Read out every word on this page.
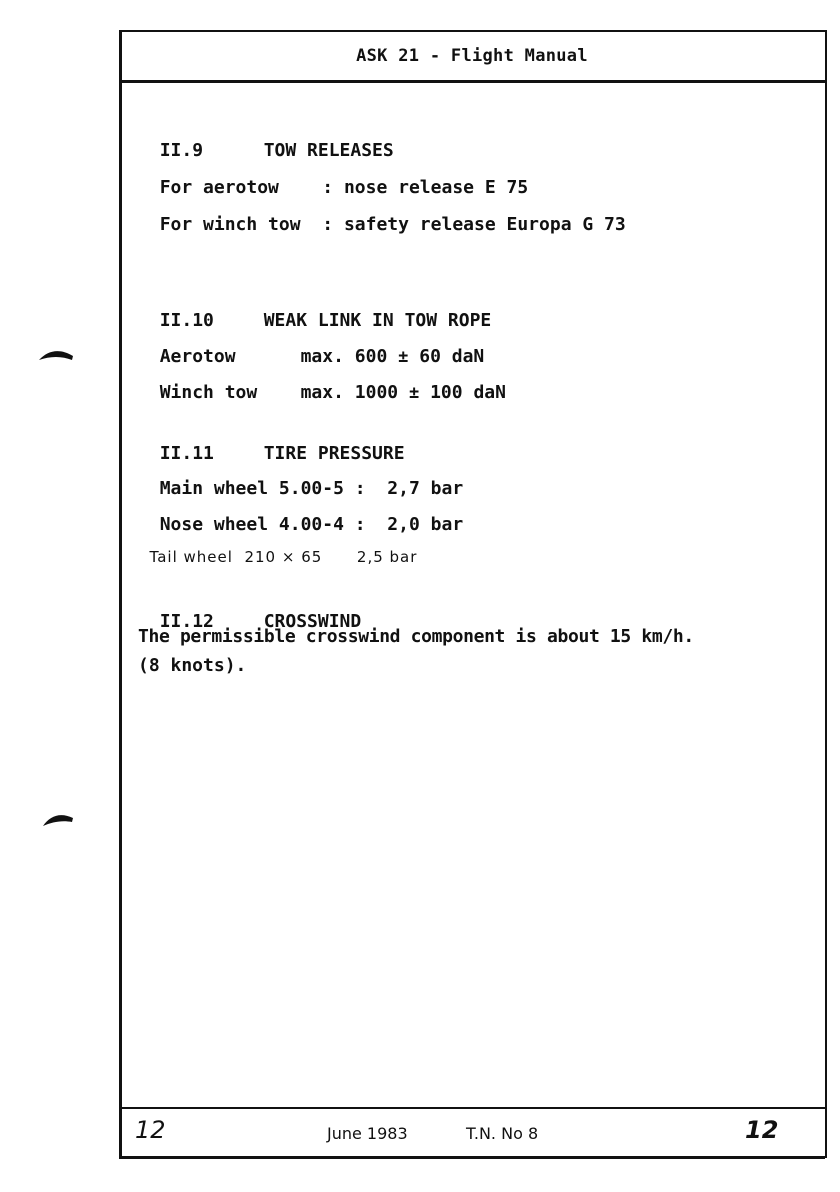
ASK 21 - Flight Manual

II.9	TOW RELEASES

For aerotow : nose release E 75

For winch tow : safety release Europa G 73

II.10	WEAK LINK IN TOW ROPE

Aerotow	max. 600 ± 60 daN

Winch tow max. 1000 ± 100 daN

II.11	TIRE PRESSURE

Main wheel 5.00-5 : 2,7 bar

Nose wheel 4.00-4 : 2,0 bar

Tail wheel 210 × 65 2,5 bar

II.12	CROSSWIND

The permissible crosswind component is about 15 km/h.
(8 knots).
12	June 1983	T.N. No 8	12
